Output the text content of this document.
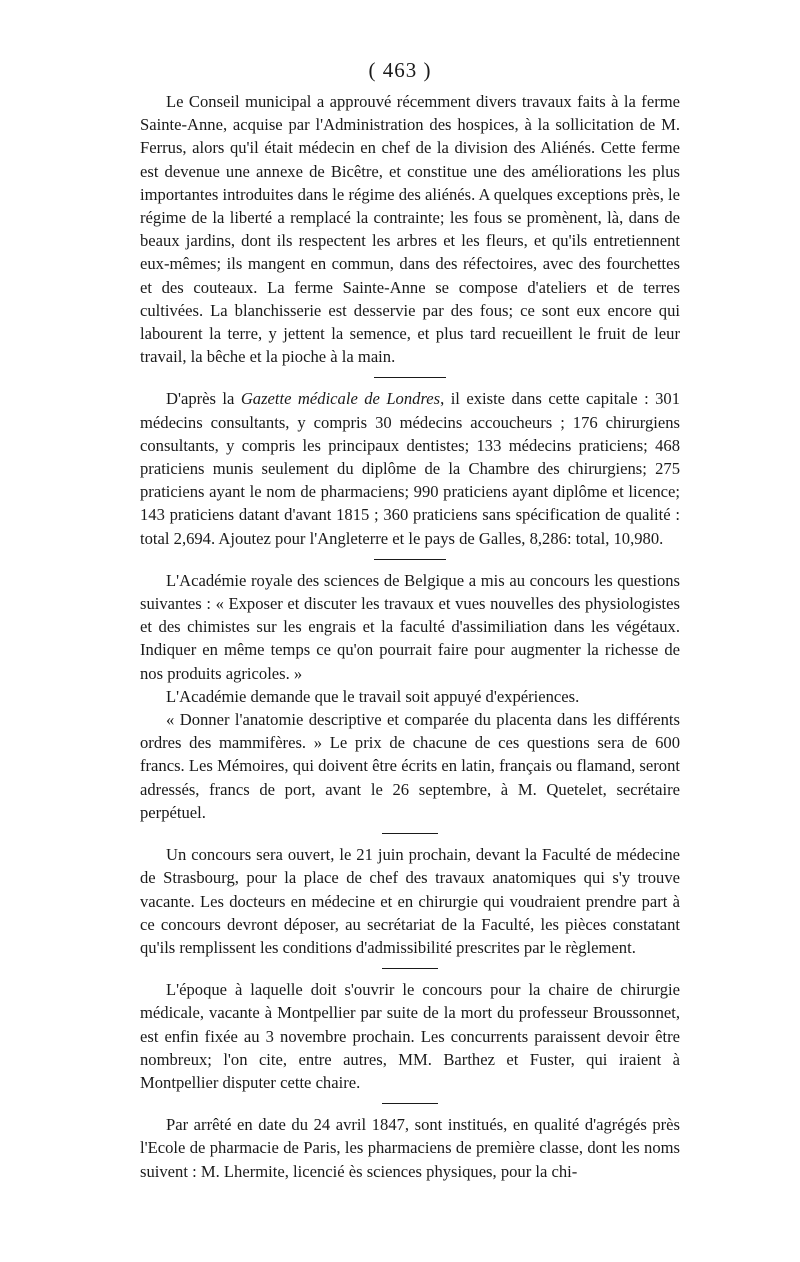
( 463 )

Le Conseil municipal a approuvé récemment divers travaux faits à la ferme Sainte-Anne, acquise par l'Administration des hospices, à la sollicitation de M. Ferrus, alors qu'il était médecin en chef de la division des Aliénés. Cette ferme est devenue une annexe de Bicêtre, et constitue une des améliorations les plus importantes introduites dans le régime des aliénés. A quelques exceptions près, le régime de la liberté a remplacé la contrainte; les fous se promènent, là, dans de beaux jardins, dont ils respectent les arbres et les fleurs, et qu'ils entretiennent eux-mêmes; ils mangent en commun, dans des réfectoires, avec des fourchettes et des couteaux. La ferme Sainte-Anne se compose d'ateliers et de terres cultivées. La blanchisserie est desservie par des fous; ce sont eux encore qui labourent la terre, y jettent la semence, et plus tard recueillent le fruit de leur travail, la bêche et la pioche à la main.

D'après la Gazette médicale de Londres, il existe dans cette capitale : 301 médecins consultants, y compris 30 médecins accoucheurs ; 176 chirurgiens consultants, y compris les principaux dentistes; 133 médecins praticiens; 468 praticiens munis seulement du diplôme de la Chambre des chirurgiens; 275 praticiens ayant le nom de pharmaciens; 990 praticiens ayant diplôme et licence; 143 praticiens datant d'avant 1815 ; 360 praticiens sans spécification de qualité : total 2,694. Ajoutez pour l'Angleterre et le pays de Galles, 8,286: total, 10,980.

L'Académie royale des sciences de Belgique a mis au concours les questions suivantes : « Exposer et discuter les travaux et vues nouvelles des physiologistes et des chimistes sur les engrais et la faculté d'assimiliation dans les végétaux. Indiquer en même temps ce qu'on pourrait faire pour augmenter la richesse de nos produits agricoles. »

L'Académie demande que le travail soit appuyé d'expériences.

« Donner l'anatomie descriptive et comparée du placenta dans les différents ordres des mammifères. » Le prix de chacune de ces questions sera de 600 francs. Les Mémoires, qui doivent être écrits en latin, français ou flamand, seront adressés, francs de port, avant le 26 septembre, à M. Quetelet, secrétaire perpétuel.

Un concours sera ouvert, le 21 juin prochain, devant la Faculté de médecine de Strasbourg, pour la place de chef des travaux anatomiques qui s'y trouve vacante. Les docteurs en médecine et en chirurgie qui voudraient prendre part à ce concours devront déposer, au secrétariat de la Faculté, les pièces constatant qu'ils remplissent les conditions d'admissibilité prescrites par le règlement.

L'époque à laquelle doit s'ouvrir le concours pour la chaire de chirurgie médicale, vacante à Montpellier par suite de la mort du professeur Broussonnet, est enfin fixée au 3 novembre prochain. Les concurrents paraissent devoir être nombreux; l'on cite, entre autres, MM. Barthez et Fuster, qui iraient à Montpellier disputer cette chaire.

Par arrêté en date du 24 avril 1847, sont institués, en qualité d'agrégés près l'Ecole de pharmacie de Paris, les pharmaciens de première classe, dont les noms suivent : M. Lhermite, licencié ès sciences physiques, pour la chi-
